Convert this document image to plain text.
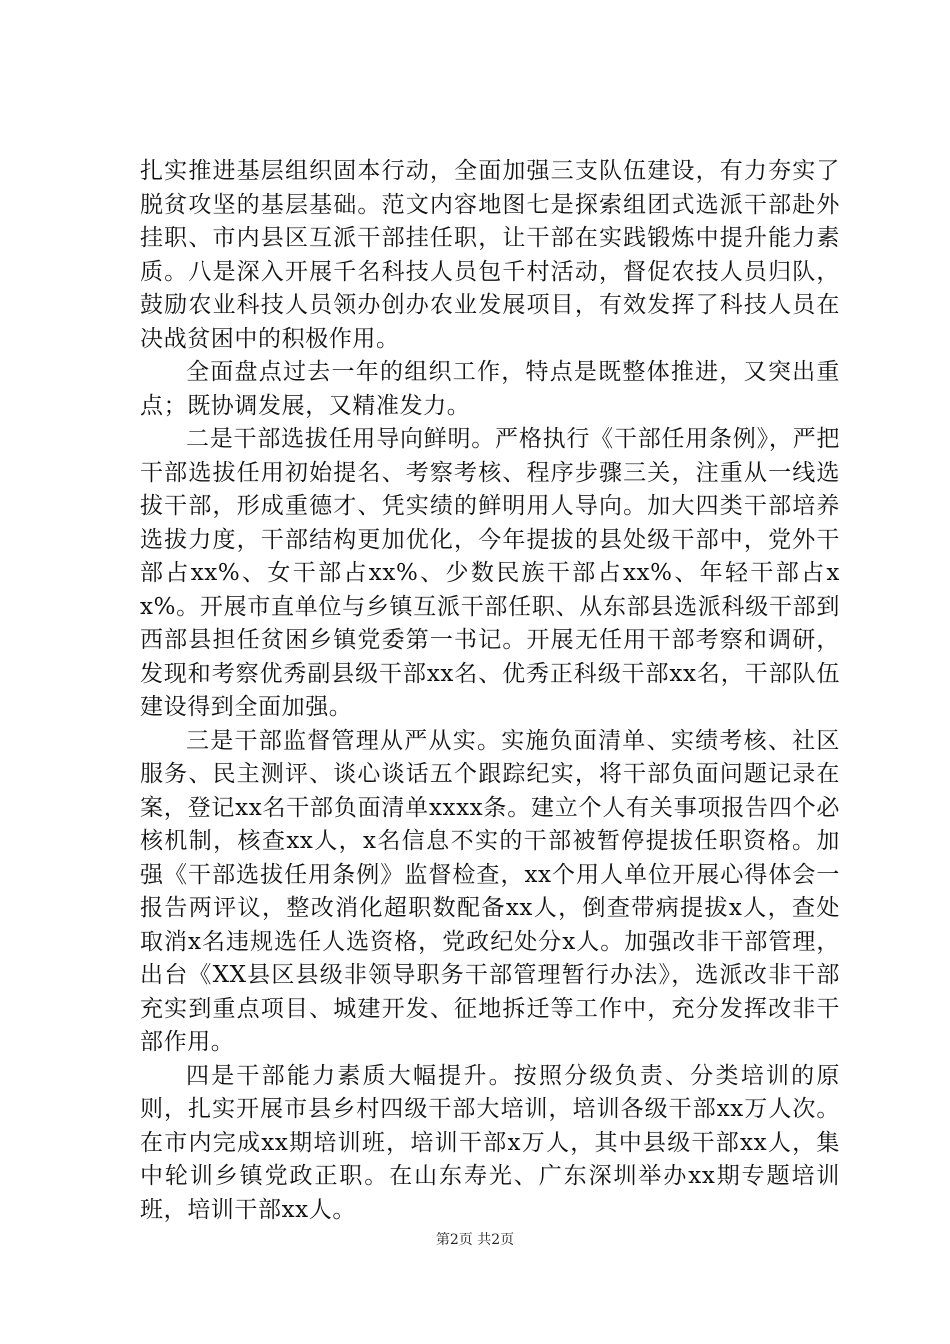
扎实推进基层组织固本行动，全面加强三支队伍建设，有力夯实了脱贫攻坚的基层基础。范文内容地图七是探索组团式选派干部赴外挂职、市内县区互派干部挂任职，让干部在实践锻炼中提升能力素质。八是深入开展千名科技人员包千村活动，督促农技人员归队，鼓励农业科技人员领办创办农业发展项目，有效发挥了科技人员在决战贫困中的积极作用。

全面盘点过去一年的组织工作，特点是既整体推进，又突出重点；既协调发展，又精准发力。

二是干部选拔任用导向鲜明。严格执行《干部任用条例》，严把干部选拔任用初始提名、考察考核、程序步骤三关，注重从一线选拔干部，形成重德才、凭实绩的鲜明用人导向。加大四类干部培养选拔力度，干部结构更加优化，今年提拔的县处级干部中，党外干部占xx%、女干部占xx%、少数民族干部占xx%、年轻干部占xx%。开展市直单位与乡镇互派干部任职、从东部县选派科级干部到西部县担任贫困乡镇党委第一书记。开展无任用干部考察和调研，发现和考察优秀副县级干部xx名、优秀正科级干部xx名，干部队伍建设得到全面加强。

三是干部监督管理从严从实。实施负面清单、实绩考核、社区服务、民主测评、谈心谈话五个跟踪纪实，将干部负面问题记录在案，登记xx名干部负面清单xxxx条。建立个人有关事项报告四个必核机制，核查xx人，x名信息不实的干部被暂停提拔任职资格。加强《干部选拔任用条例》监督检查，xx个用人单位开展心得体会一报告两评议，整改消化超职数配备xx人，倒查带病提拔x人，查处取消x名违规选任人选资格，党政纪处分x人。加强改非干部管理，出台《XX县区县级非领导职务干部管理暂行办法》，选派改非干部充实到重点项目、城建开发、征地拆迁等工作中，充分发挥改非干部作用。

四是干部能力素质大幅提升。按照分级负责、分类培训的原则，扎实开展市县乡村四级干部大培训，培训各级干部xx万人次。在市内完成xx期培训班，培训干部x万人，其中县级干部xx人，集中轮训乡镇党政正职。在山东寿光、广东深圳举办xx期专题培训班，培训干部xx人。

第2页 共2页
